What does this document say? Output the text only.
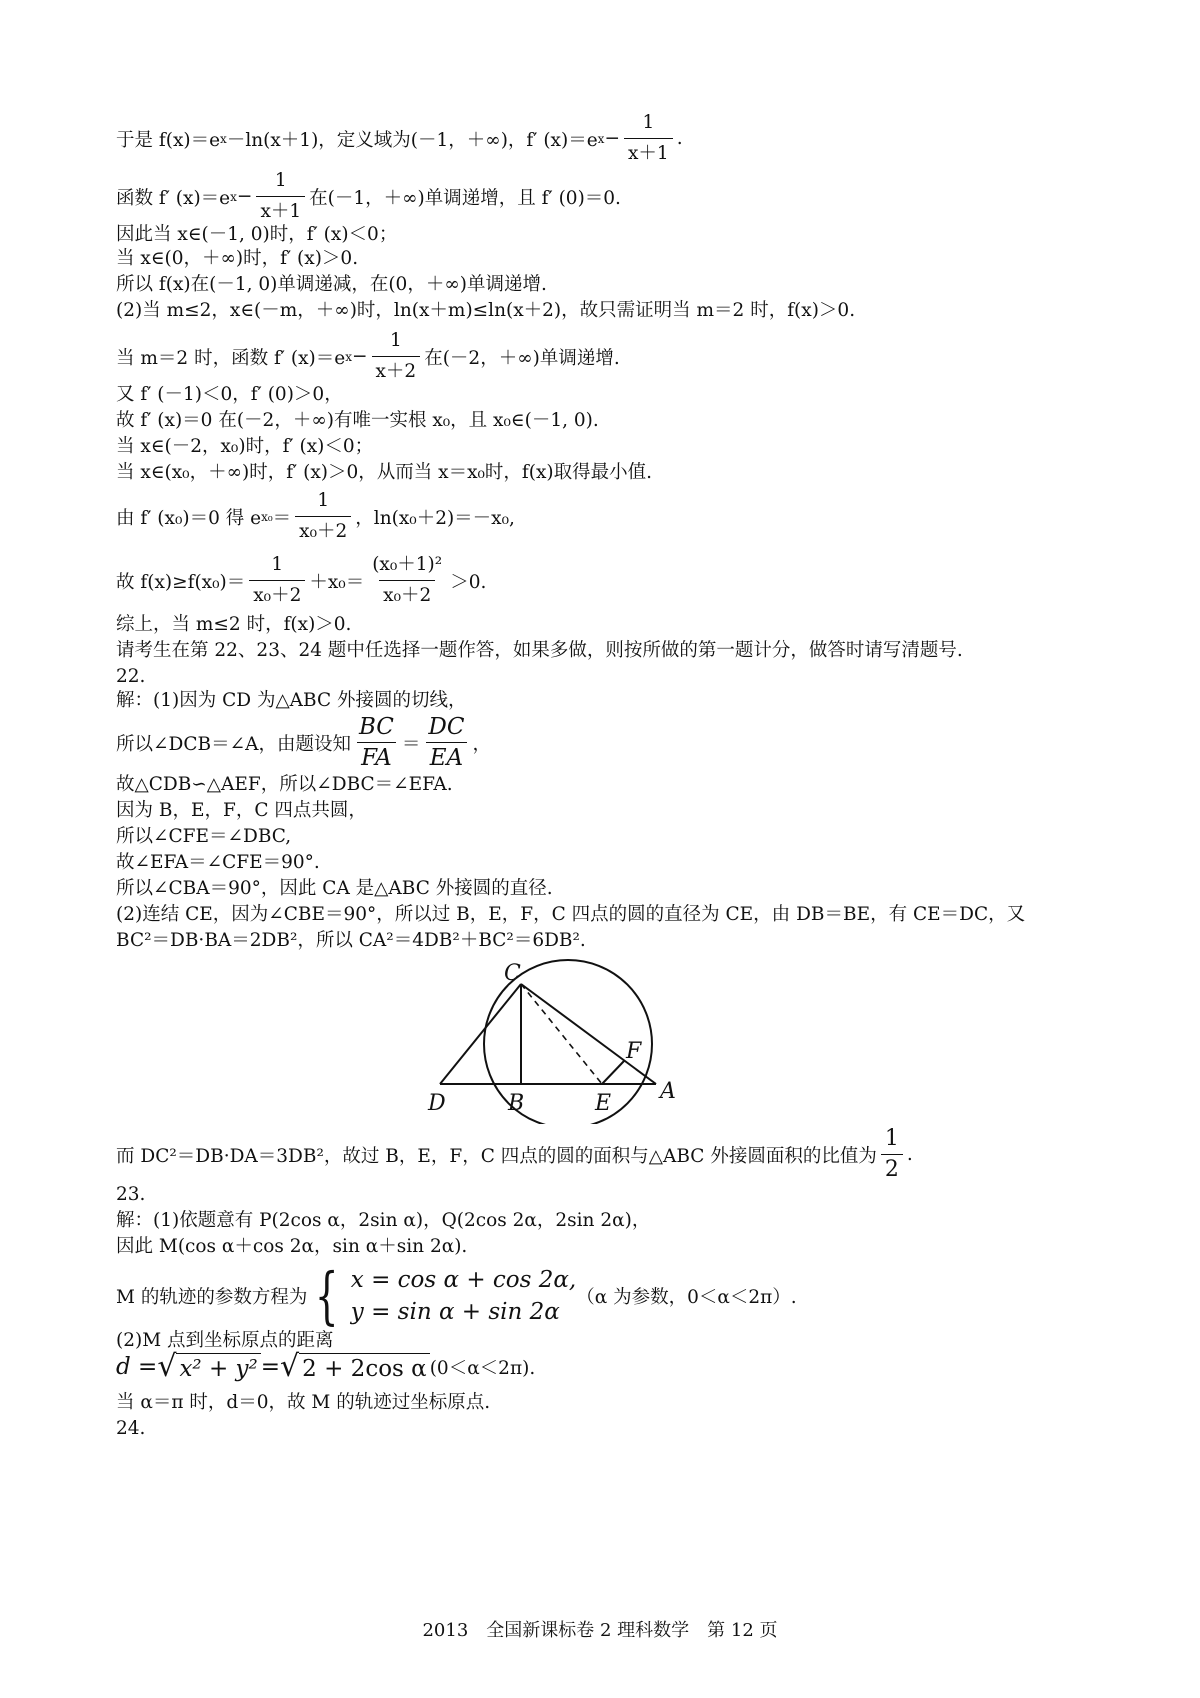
于是 f(x)＝e x －ln(x＋1)，定义域为(－1，＋∞)，f′ (x)＝e $x - \frac{1}{x+1}$ .
函数 f′ (x)＝e $x - \frac{1}{x+1}$ 在(－1，＋∞)单调递增，且 f′ (0)＝0.
因此当 x∈(－1, 0)时，f′ (x)＜0；
当 x∈(0，＋∞)时，f′ (x)＞0.
所以 f(x)在(－1, 0)单调递减，在(0，＋∞)单调递增.
(2)当 m≤2，x∈(－m，＋∞)时，ln(x＋m)≤ln(x＋2)，故只需证明当 m＝2 时，f(x)＞0.
当 m＝2 时，函数 f′ (x)＝e $x - \frac{1}{x+2}$ 在(－2，＋∞)单调递增.
又 f′ (－1)＜0，f′ (0)＞0，
故 f′ (x)＝0 在(－2，＋∞)有唯一实根 x₀，且 x₀∈(－1, 0).
当 x∈(－2，x₀)时，f′ (x)＜0；
当 x∈(x₀，＋∞)时，f′ (x)＞0，从而当 x＝x₀时，f(x)取得最小值.
由 f′ (x₀)＝0 得 e $x_0 = \frac{1}{\text{x₀＋2}}$ ，ln(x₀＋2)＝－x₀,
故 $f(x)\ge f(x_0)= \frac{1}{\text{x₀＋2}} +x_0= \frac{\text{(x₀＋1)²}}{\text{x₀＋2}} >0$.
综上，当 m≤2 时，f(x)＞0.
请考生在第 22、23、24 题中任选择一题作答，如果多做，则按所做的第一题计分，做答时请写清题号.
22.
解：(1)因为 CD 为△ABC 外接圆的切线，
所以∠DCB＝∠A，由题设知 $\frac{BC}{FA} = \frac{DC}{EA}$ ，
故△CDB∽△AEF，所以∠DBC＝∠EFA.
因为 B，E，F，C 四点共圆，
所以∠CFE＝∠DBC,
故∠EFA＝∠CFE＝90°.
所以∠CBA＝90°，因此 CA 是△ABC 外接圆的直径.
(2)连结 CE，因为∠CBE＝90°，所以过 B，E，F，C 四点的圆的直径为 CE，由 DB＝BE，有 CE＝DC，又
BC²＝DB·BA＝2DB²，所以 CA²＝4DB²＋BC²＝6DB².
C
F
D	B	E A
而 DC²＝DB·DA＝3DB²，故过 B，E，F，C 四点的圆的面积与△ABC 外接圆面积的比值为 $\frac{1}{2}$ .
23.
解：(1)依题意有 P(2cos α，2sin α)，Q(2cos 2α，2sin 2α)，
因此 M(cos α＋cos 2α，sin α＋sin 2α).
M 的轨迹的参数方程为 { x = cos α + cos 2α,
y = sin α + sin 2α
（α 为参数，0＜α＜2π）.
(2)M 点到坐标原点的距离
d = √ x² + y² = √ 2 + 2cos α (0＜α＜2π).
当 α＝π 时，d＝0，故 M 的轨迹过坐标原点.
24.
2013　全国新课标卷 2 理科数学　第 12 页
